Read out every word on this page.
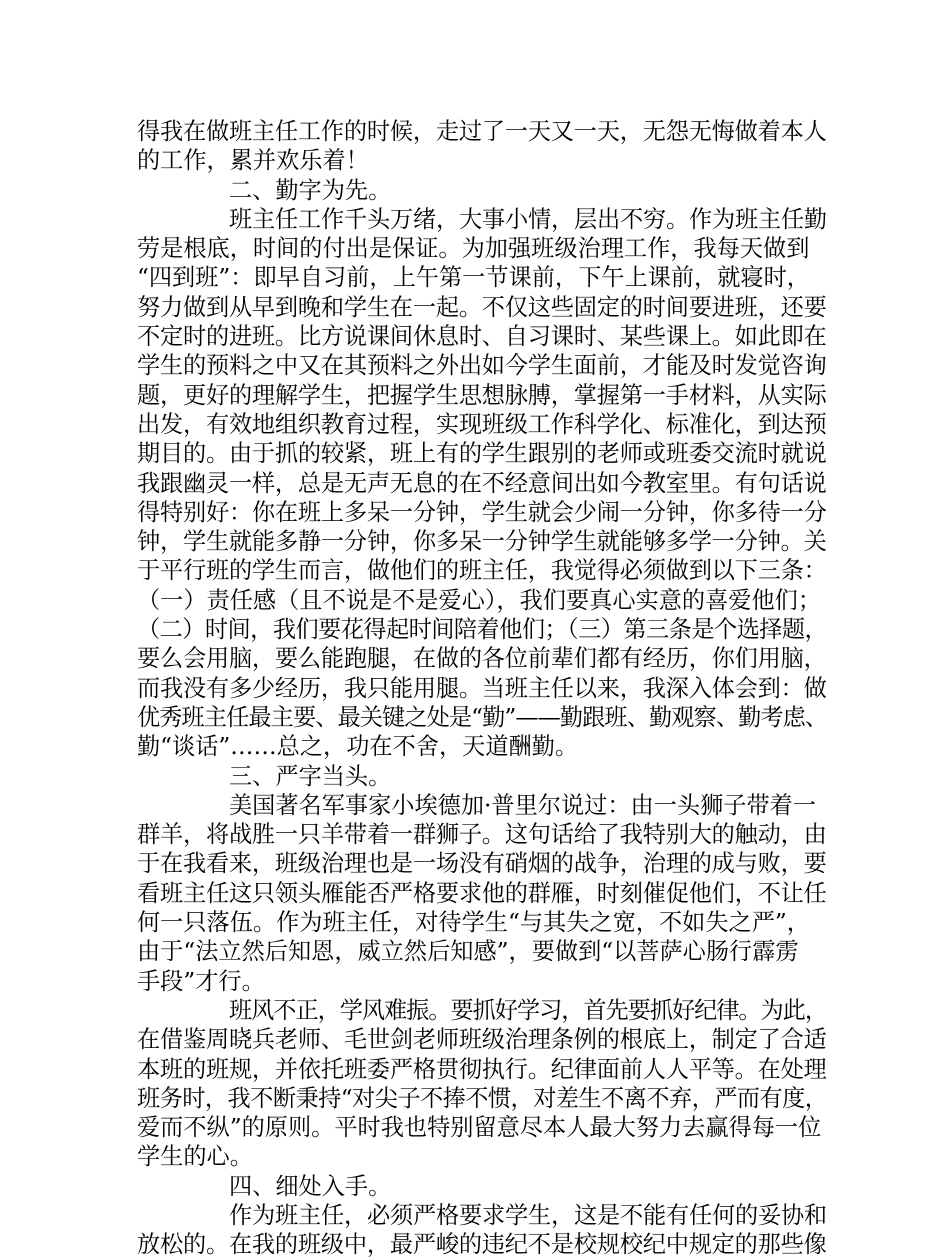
得我在做班主任工作的时候，走过了一天又一天，无怨无悔做着本人
的工作，累并欢乐着！
二、勤字为先。
班主任工作千头万绪，大事小情，层出不穷。作为班主任勤
劳是根底，时间的付出是保证。为加强班级治理工作，我每天做到
“四到班”：即早自习前，上午第一节课前，下午上课前，就寝时，
努力做到从早到晚和学生在一起。不仅这些固定的时间要进班，还要
不定时的进班。比方说课间休息时、自习课时、某些课上。如此即在
学生的预料之中又在其预料之外出如今学生面前，才能及时发觉咨询
题，更好的理解学生，把握学生思想脉膊，掌握第一手材料，从实际
出发，有效地组织教育过程，实现班级工作科学化、标准化，到达预
期目的。由于抓的较紧，班上有的学生跟别的老师或班委交流时就说
我跟幽灵一样，总是无声无息的在不经意间出如今教室里。有句话说
得特别好：你在班上多呆一分钟，学生就会少闹一分钟，你多待一分
钟，学生就能多静一分钟，你多呆一分钟学生就能够多学一分钟。关
于平行班的学生而言，做他们的班主任，我觉得必须做到以下三条：
（一）责任感（且不说是不是爱心），我们要真心实意的喜爱他们；
（二）时间，我们要花得起时间陪着他们；（三）第三条是个选择题，
要么会用脑，要么能跑腿，在做的各位前辈们都有经历，你们用脑，
而我没有多少经历，我只能用腿。当班主任以来，我深入体会到：做
优秀班主任最主要、最关键之处是“勤”——勤跟班、勤观察、勤考虑、
勤“谈话”……总之，功在不舍，天道酬勤。
三、严字当头。
美国著名军事家小埃德加·普里尔说过：由一头狮子带着一
群羊，将战胜一只羊带着一群狮子。这句话给了我特别大的触动，由
于在我看来，班级治理也是一场没有硝烟的战争，治理的成与败，要
看班主任这只领头雁能否严格要求他的群雁，时刻催促他们，不让任
何一只落伍。作为班主任，对待学生“与其失之宽，不如失之严”，
由于“法立然后知恩，威立然后知感”，要做到“以菩萨心肠行霹雳
手段”才行。
班风不正，学风难振。要抓好学习，首先要抓好纪律。为此，
在借鉴周晓兵老师、毛世剑老师班级治理条例的根底上，制定了合适
本班的班规，并依托班委严格贯彻执行。纪律面前人人平等。在处理
班务时，我不断秉持“对尖子不捧不惯，对差生不离不弃，严而有度，
爱而不纵”的原则。平时我也特别留意尽本人最大努力去赢得每一位
学生的心。
四、细处入手。
作为班主任，必须严格要求学生，这是不能有任何的妥协和
放松的。在我的班级中，最严峻的违纪不是校规校纪中规定的那些像
